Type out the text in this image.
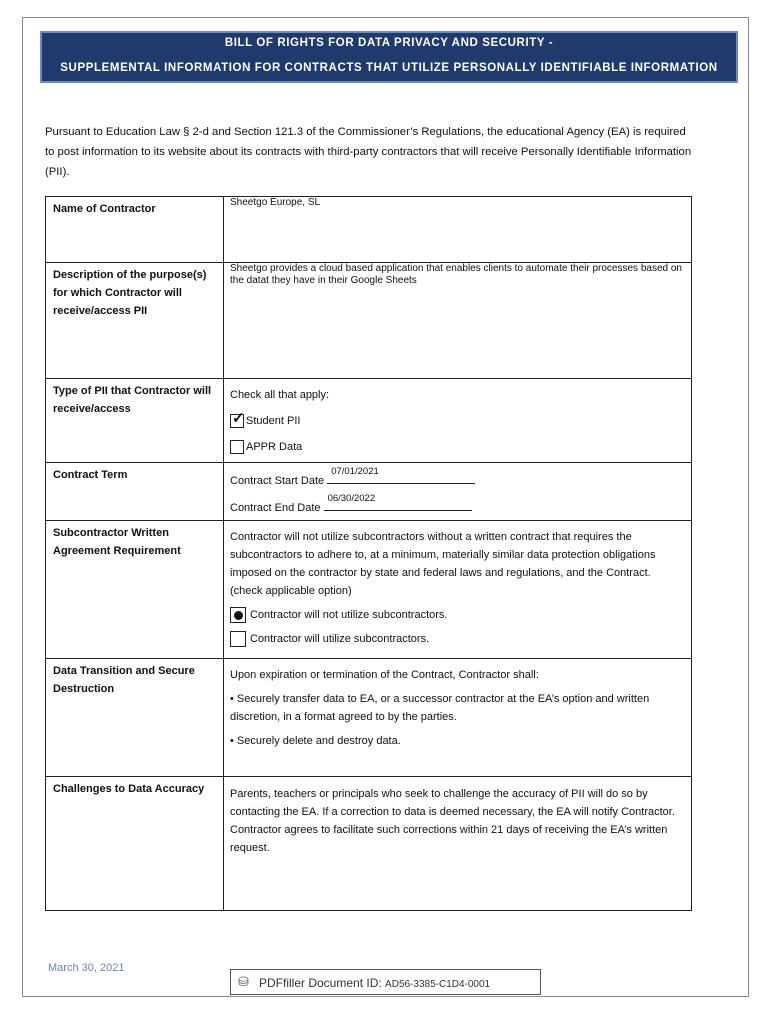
BILL OF RIGHTS FOR DATA PRIVACY AND SECURITY -
SUPPLEMENTAL INFORMATION FOR CONTRACTS THAT UTILIZE PERSONALLY IDENTIFIABLE INFORMATION
Pursuant to Education Law § 2-d and Section 121.3 of the Commissioner’s Regulations, the educational Agency (EA) is required to post information to its website about its contracts with third-party contractors that will receive Personally Identifiable Information (PII).
Name of Contractor	Sheetgo Europe, SL
Description of the purpose(s) for which Contractor will receive/access PII	Sheetgo provides a cloud based application that enables clients to automate their processes based on the datat they have in their Google Sheets
Type of PII that Contractor will receive/access	Check all that apply:
✓ Student PII
APPR Data

Contract Term	Contract Start Date
07/01/2021
Contract End Date
06/30/2022

Subcontractor Written Agreement Requirement	Contractor will not utilize subcontractors without a written contract that requires the subcontractors to adhere to, at a minimum, materially similar data protection obligations imposed on the contractor by state and federal laws and regulations, and the Contract. (check applicable option)
Contractor will not utilize subcontractors.
Contractor will utilize subcontractors.

Data Transition and Secure Destruction	Upon expiration or termination of the Contract, Contractor shall:
• Securely transfer data to EA, or a successor contractor at the EA’s option and written discretion, in a format agreed to by the parties.
• Securely delete and destroy data.

Challenges to Data Accuracy	Parents, teachers or principals who seek to challenge the accuracy of PII will do so by contacting the EA. If a correction to data is deemed necessary, the EA will notify Contractor. Contractor agrees to facilitate such corrections within 21 days of receiving the EA’s written request.
March 30, 2021
⛁ PDFfiller Document ID: AD56-3385-C1D4-0001
